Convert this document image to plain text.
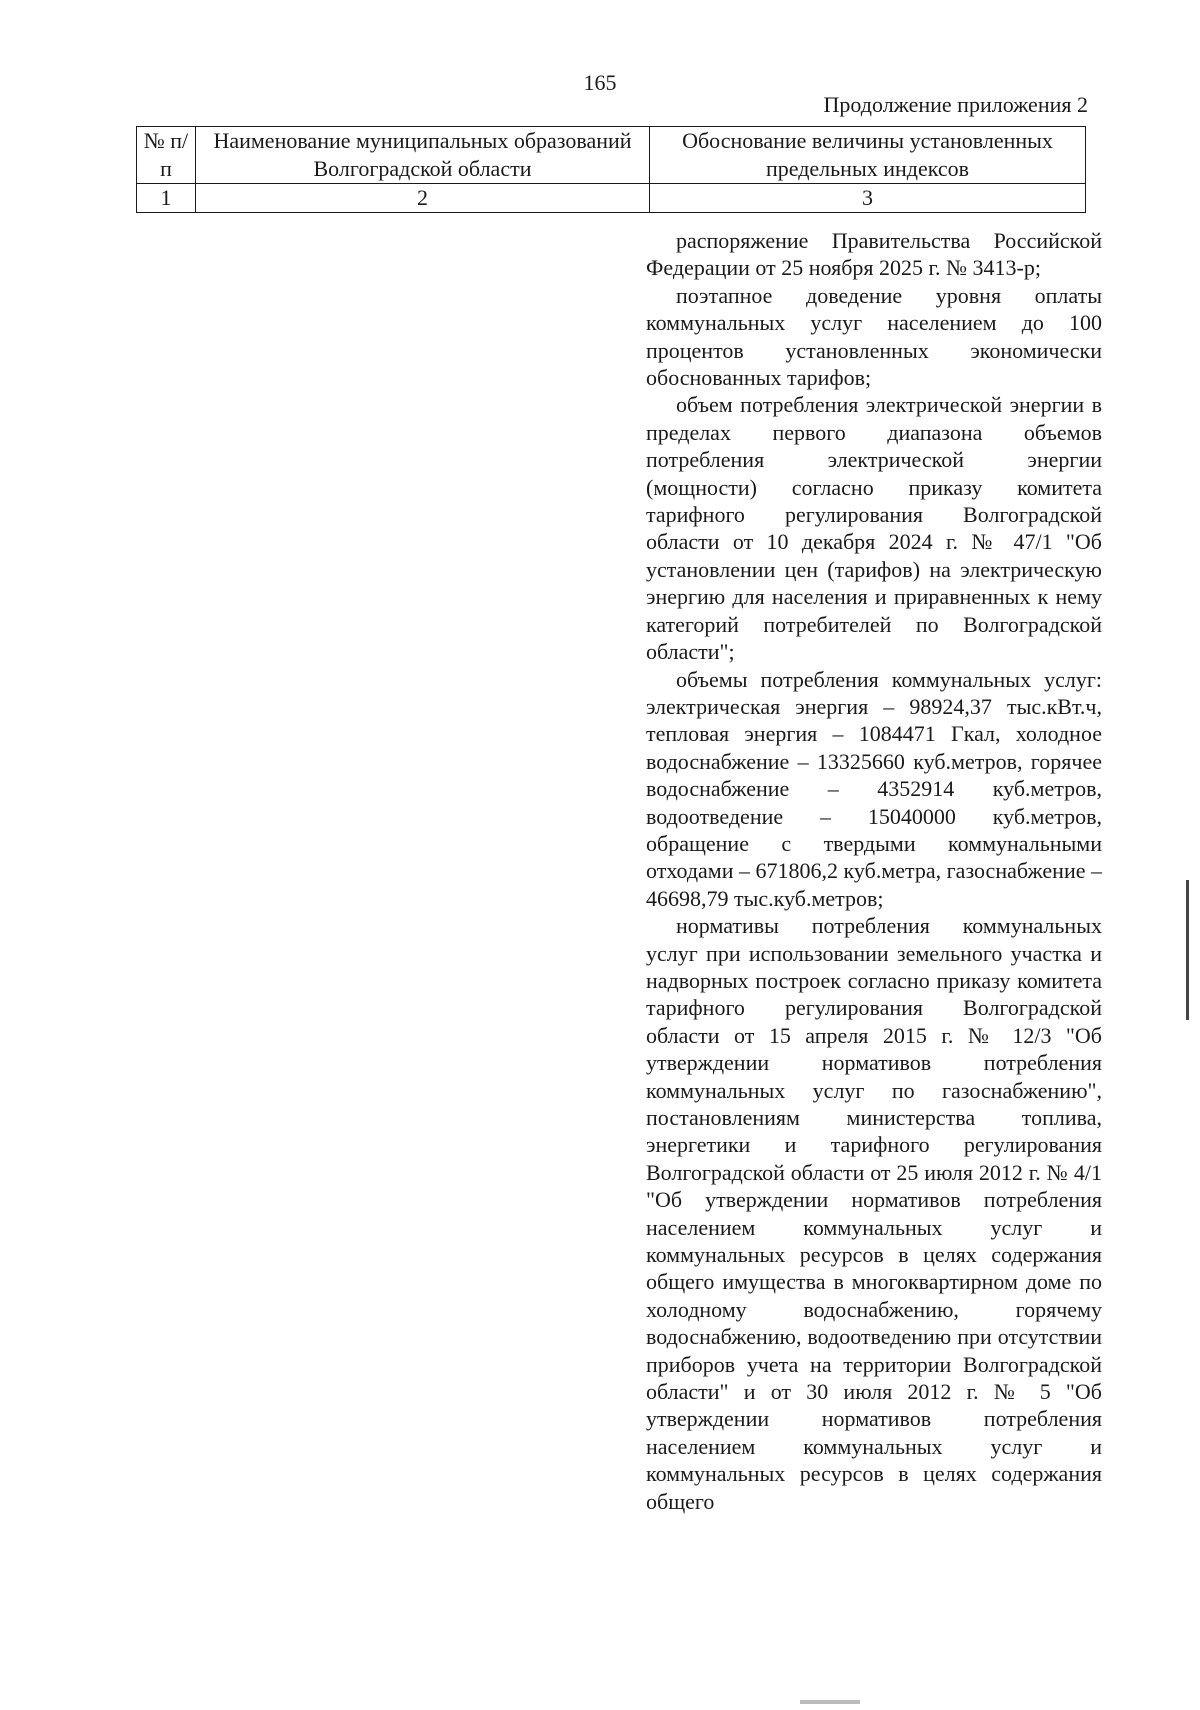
165
Продолжение приложения 2
№ п/п	Наименование муниципальных образований Волгоградской области	Обоснование величины установленных предельных индексов
1	2	3

распоряжение Правительства Российской Федерации от 25 ноября 2025 г. № 3413-р;

поэтапное доведение уровня оплаты коммунальных услуг населением до 100 процентов установленных экономически обоснованных тарифов;

объем потребления электрической энергии в пределах первого диапазона объемов потребления электрической энергии (мощности) согласно приказу комитета тарифного регулирования Волгоградской области от 10 декабря 2024 г. № 47/1 "Об установлении цен (тарифов) на электрическую энергию для населения и приравненных к нему категорий потребителей по Волгоградской области";

объемы потребления коммунальных услуг: электрическая энергия – 98924,37 тыс.кВт.ч, тепловая энергия – 1084471 Гкал, холодное водоснабжение – 13325660 куб.метров, горячее водоснабжение – 4352914 куб.метров, водоотведение – 15040000 куб.метров, обращение с твердыми коммунальными отходами – 671806,2 куб.метра, газоснабжение – 46698,79 тыс.куб.метров;

нормативы потребления коммунальных услуг при использовании земельного участка и надворных построек согласно приказу комитета тарифного регулирования Волгоградской области от 15 апреля 2015 г. № 12/3 "Об утверждении нормативов потребления коммунальных услуг по газоснабжению", постановлениям министерства топлива, энергетики и тарифного регулирования Волгоградской области от 25 июля 2012 г. № 4/1 "Об утверждении нормативов потребления населением коммунальных услуг и коммунальных ресурсов в целях содержания общего имущества в многоквартирном доме по холодному водоснабжению, горячему водоснабжению, водоотведению при отсутствии приборов учета на территории Волгоградской области" и от 30 июля 2012 г. № 5 "Об утверждении нормативов потребления населением коммунальных услуг и коммунальных ресурсов в целях содержания общего
